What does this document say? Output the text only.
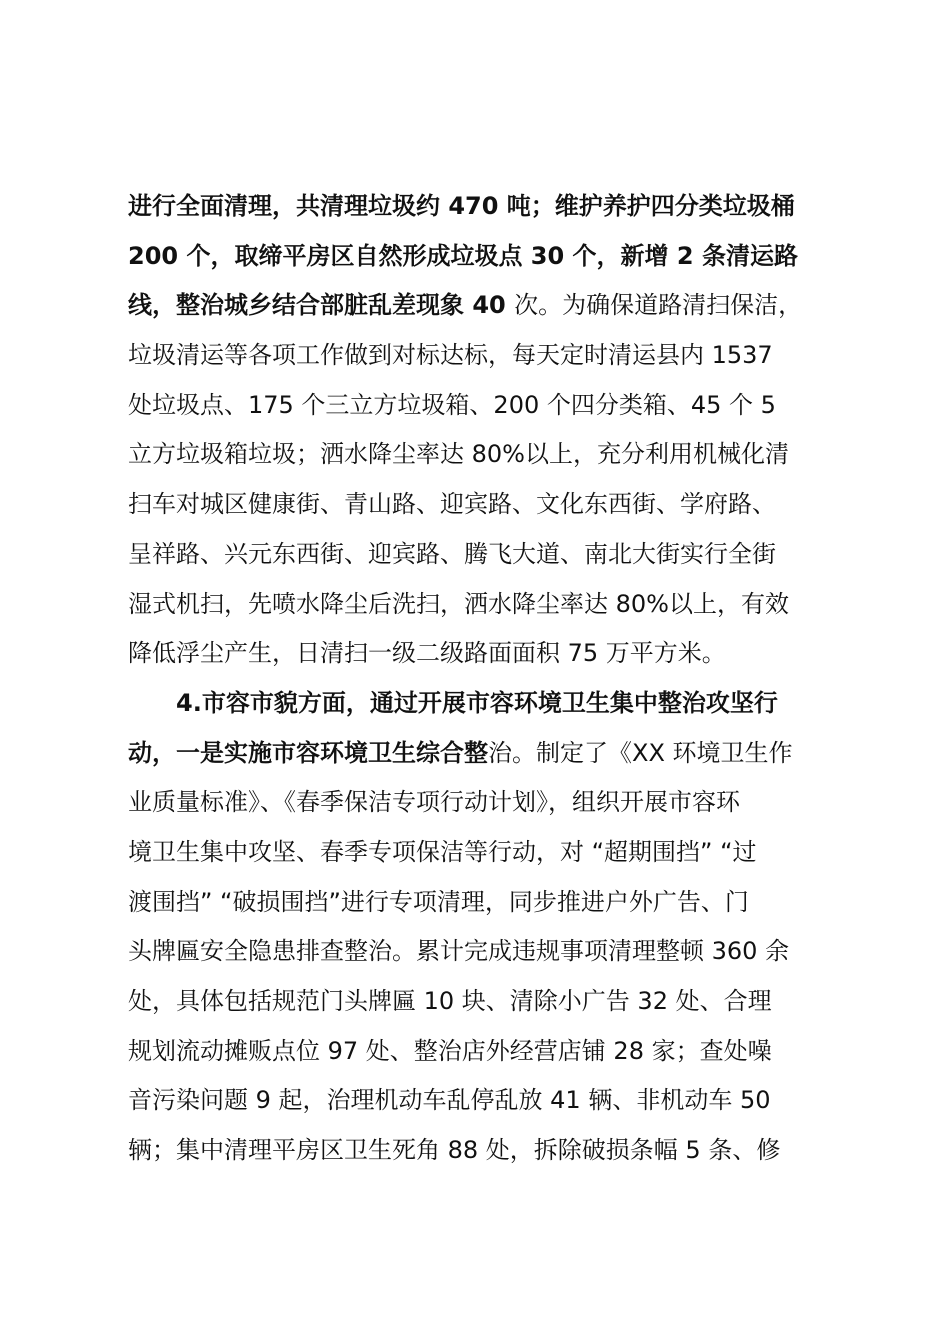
进行全面清理，共清理垃圾约 470 吨；维护养护四分类垃圾桶
200 个，取缔平房区自然形成垃圾点 30 个，新增 2 条清运路
线，整治城乡结合部脏乱差现象 40 次。为确保道路清扫保洁，
垃圾清运等各项工作做到对标达标，每天定时清运县内 1537
处垃圾点、175 个三立方垃圾箱、200 个四分类箱、45 个 5
立方垃圾箱垃圾；洒水降尘率达 80%以上，充分利用机械化清
扫车对城区健康街、青山路、迎宾路、文化东西街、学府路、
呈祥路、兴元东西街、迎宾路、腾飞大道、南北大街实行全街
湿式机扫，先喷水降尘后洗扫，洒水降尘率达 80%以上，有效
降低浮尘产生，日清扫一级二级路面面积 75 万平方米。
4.市容市貌方面，通过开展市容环境卫生集中整治攻坚行
动，一是实施市容环境卫生综合整治。制定了《XX 环境卫生作
业质量标准》、《春季保洁专项行动计划》，组织开展市容环
境卫生集中攻坚、春季专项保洁等行动，对 “超期围挡” “过
渡围挡” “破损围挡”进行专项清理，同步推进户外广告、门
头牌匾安全隐患排查整治。累计完成违规事项清理整顿 360 余
处，具体包括规范门头牌匾 10 块、清除小广告 32 处、合理
规划流动摊贩点位 97 处、整治店外经营店铺 28 家；查处噪
音污染问题 9 起，治理机动车乱停乱放 41 辆、非机动车 50
辆；集中清理平房区卫生死角 88 处，拆除破损条幅 5 条、修
